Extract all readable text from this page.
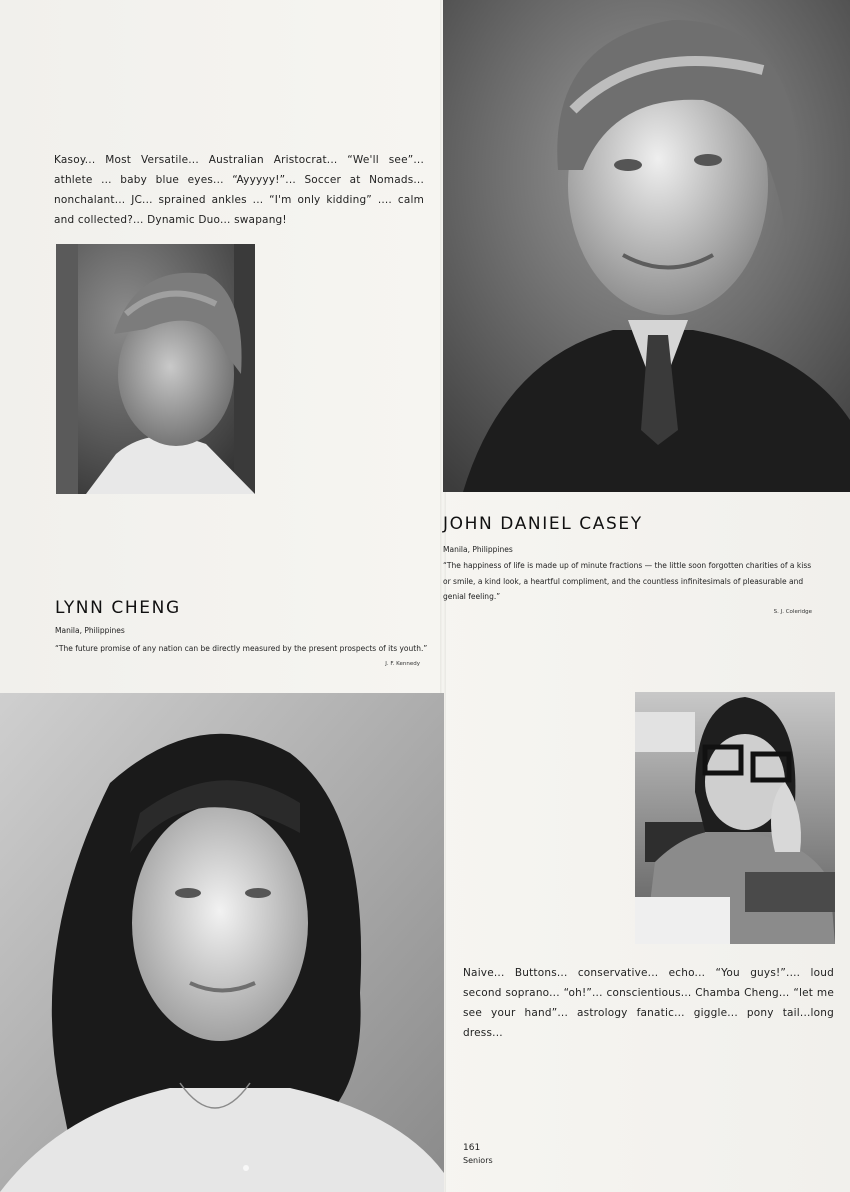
Kasoy... Most Versatile... Australian Aristocrat... “We'll see”... athlete ... baby blue eyes... “Ayyyyy!”... Soccer at Nomads... nonchalant... JC... sprained ankles ... “I'm only kidding” .... calm and collected?... Dynamic Duo... swapang!
JOHN DANIEL CASEY
Manila, Philippines
“The happiness of life is made up of minute fractions — the little soon forgotten charities of a kiss or smile, a kind look, a heartful compliment, and the countless infinitesimals of pleasurable and genial feeling.”
S. J. Coleridge
LYNN CHENG
Manila, Philippines
“The future promise of any nation can be directly measured by the present prospects of its youth.”
J. F. Kennedy
Naive... Buttons... conservative... echo... “You guys!”.... loud second soprano... “oh!”... conscientious... Chamba Cheng... “let me see your hand”... astrology fanatic... giggle... pony tail...long dress...
161
Seniors
